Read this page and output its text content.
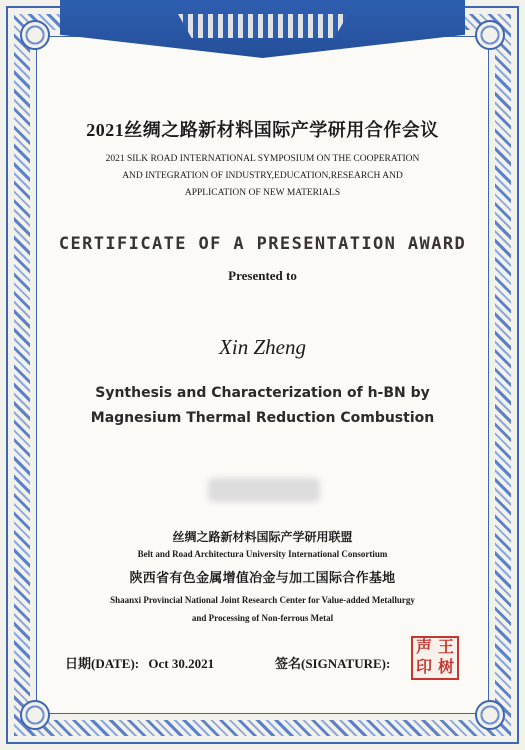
2021丝绸之路新材料国际产学研用合作会议
2021 SILK ROAD INTERNATIONAL SYMPOSIUM ON THE COOPERATION
AND INTEGRATION OF INDUSTRY,EDUCATION,RESEARCH AND
APPLICATION OF NEW MATERIALS
CERTIFICATE OF A PRESENTATION AWARD
Presented to
Xin Zheng
Synthesis and Characterization of h-BN by
Magnesium Thermal Reduction Combustion
丝绸之路新材料国际产学研用联盟
Belt and Road Architectura University International Consortium
陕西省有色金属增值冶金与加工国际合作基地
Shaanxi Provincial National Joint Research Center for Value-added Metallurgy
and Processing of Non-ferrous Metal
日期(DATE): Oct 30.2021	签名(SIGNATURE):
声 王
印 树
